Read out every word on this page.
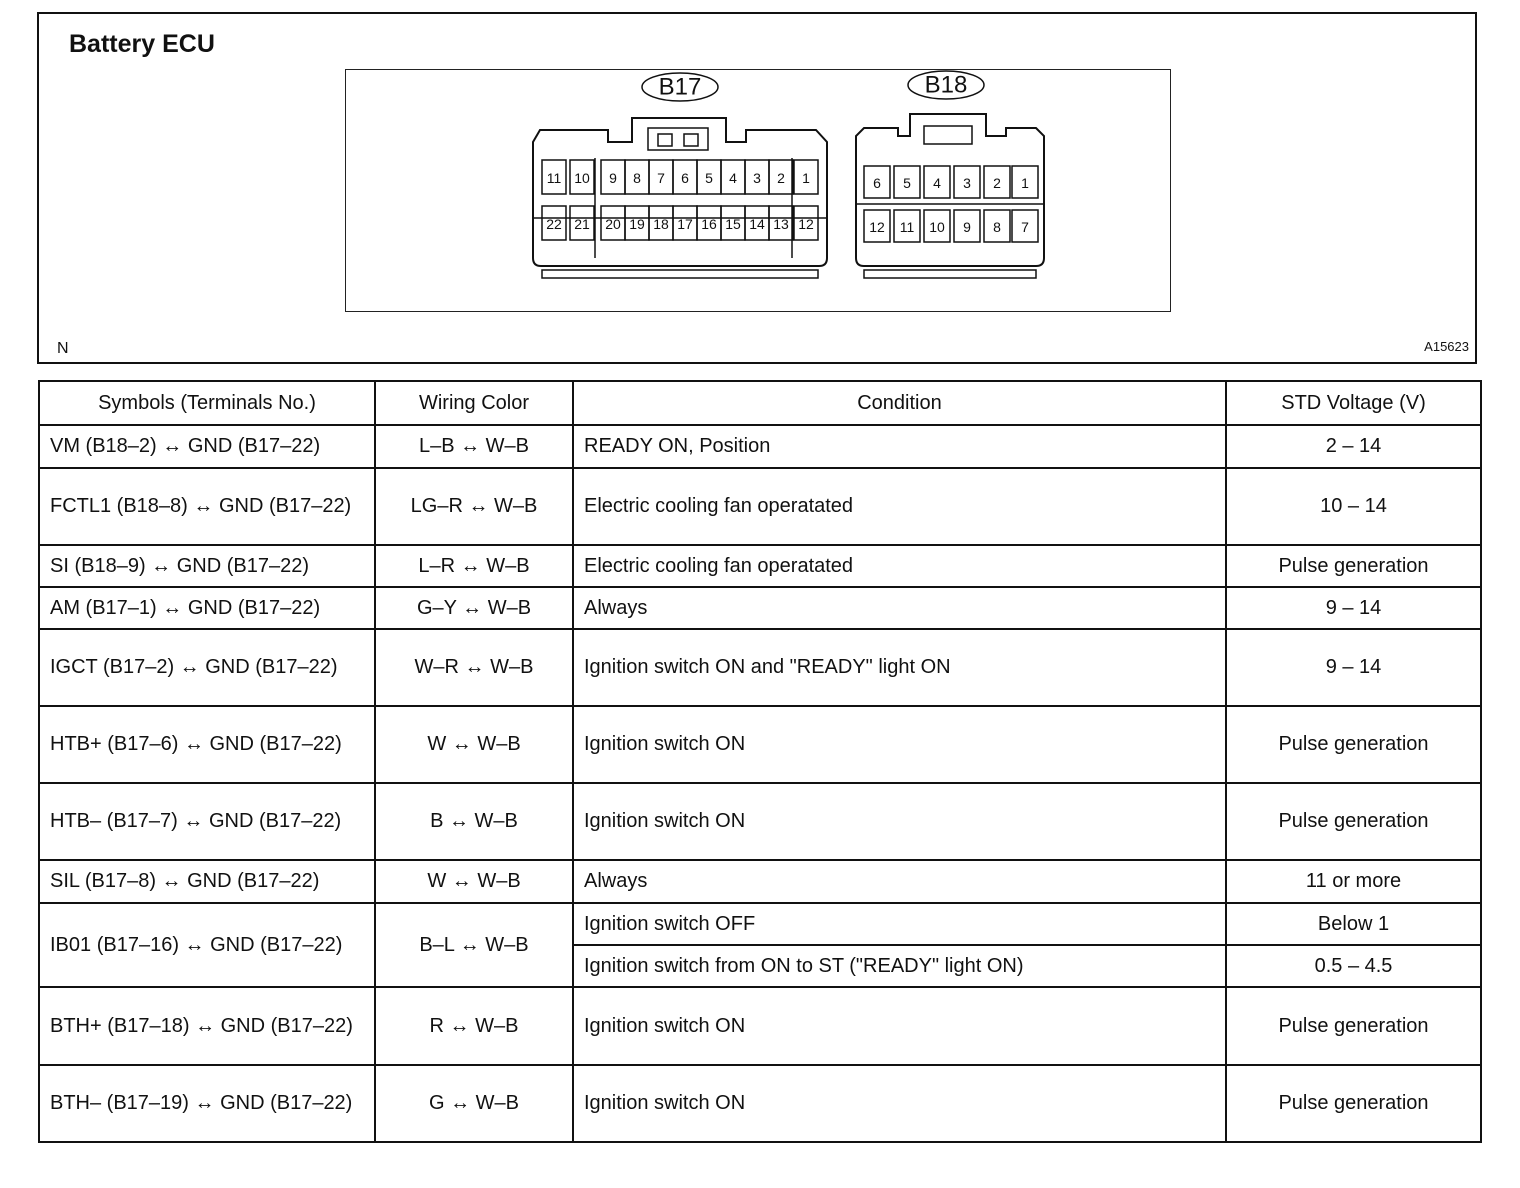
Battery ECU
B17	B18
11 10 9 8 7 6 5 4 3 2 1
22 21 20 19 18 17 16 15 14 13 12
6 5 4 3 2 1
12 11 10 9 8 7
N	A15623
Symbols (Terminals No.)	Wiring Color	Condition	STD Voltage (V)
VM (B18–2) ↔ GND (B17–22)	L–B ↔ W–B	READY ON, Position	2 – 14
FCTL1 (B18–8) ↔ GND (B17–22)	LG–R ↔ W–B	Electric cooling fan operatated	10 – 14
SI (B18–9) ↔ GND (B17–22)	L–R ↔ W–B	Electric cooling fan operatated	Pulse generation
AM (B17–1) ↔ GND (B17–22)	G–Y ↔ W–B	Always	9 – 14
IGCT (B17–2) ↔ GND (B17–22)	W–R ↔ W–B	Ignition switch ON and "READY" light ON	9 – 14
HTB+ (B17–6) ↔ GND (B17–22)	W ↔ W–B	Ignition switch ON	Pulse generation
HTB– (B17–7) ↔ GND (B17–22)	B ↔ W–B	Ignition switch ON	Pulse generation
SIL (B17–8) ↔ GND (B17–22)	W ↔ W–B	Always	11 or more
IB01 (B17–16) ↔ GND (B17–22)	B–L ↔ W–B	Ignition switch OFF	Below 1
		Ignition switch from ON to ST ("READY" light ON)	0.5 – 4.5
BTH+ (B17–18) ↔ GND (B17–22)	R ↔ W–B	Ignition switch ON	Pulse generation
BTH– (B17–19) ↔ GND (B17–22)	G ↔ W–B	Ignition switch ON	Pulse generation
